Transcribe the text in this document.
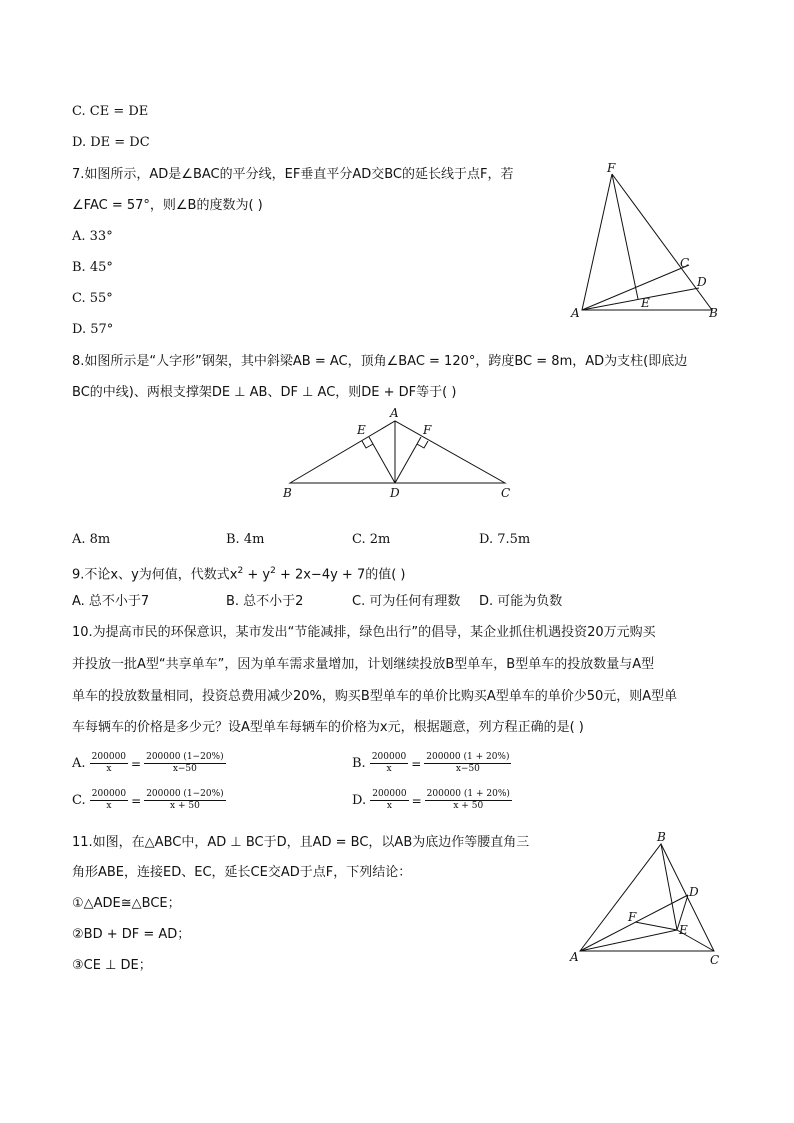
C. CE = DE
D. DE = DC
7.如图所示，AD是∠BAC的平分线，EF垂直平分AD交BC的延长线于点F，若
∠FAC = 57°，则∠B的度数为( )
A. 33°
B. 45°
C. 55°
D. 57°
F
C
D
E
A	B
8.如图所示是“人字形”钢架，其中斜梁AB = AC，顶角∠BAC = 120°，跨度BC = 8m，AD为支柱(即底边
BC的中线)、两根支撑架DE ⊥ AB、DF ⊥ AC，则DE + DF等于( )
A
E	F
B	D	C
A. 8m	B. 4m	C. 2m	D. 7.5m
9.不论x、y为何值，代数式$x^2 + y^2 + 2x-4y + 7$的值( )
A. 总不小于7	B. 总不小于2	C. 可为任何有理数 D. 可能为负数
10.为提高市民的环保意识，某市发出“节能减排，绿色出行”的倡导，某企业抓住机遇投资20万元购买
并投放一批A型“共享单车”，因为单车需求量增加，计划继续投放B型单车，B型单车的投放数量与A型
单车的投放数量相同，投资总费用减少20%，购买B型单车的单价比购买A型单车的单价少50元，则A型单
车每辆车的价格是多少元？设A型单车每辆车的价格为x元，根据题意，列方程正确的是( )
A. $\frac{200000}{x} = \frac{200000 (1-20\%)}{x-50}$	B. $\frac{200000}{x} = \frac{200000 (1 + 20\%)}{x-50}$
C. $\frac{200000}{x} = \frac{200000 (1-20\%)}{x + 50}$	D. $\frac{200000}{x} = \frac{200000 (1 + 20\%)}{x + 50}$
11.如图，在△ABC中，AD ⊥ BC于D，且AD = BC，以AB为底边作等腰直角三
角形ABE，连接ED、EC，延长CE交AD于点F，下列结论：
①△ADE≅△BCE；
②BD + DF = AD；
③CE ⊥ DE；
B
D
F
E
A	C
